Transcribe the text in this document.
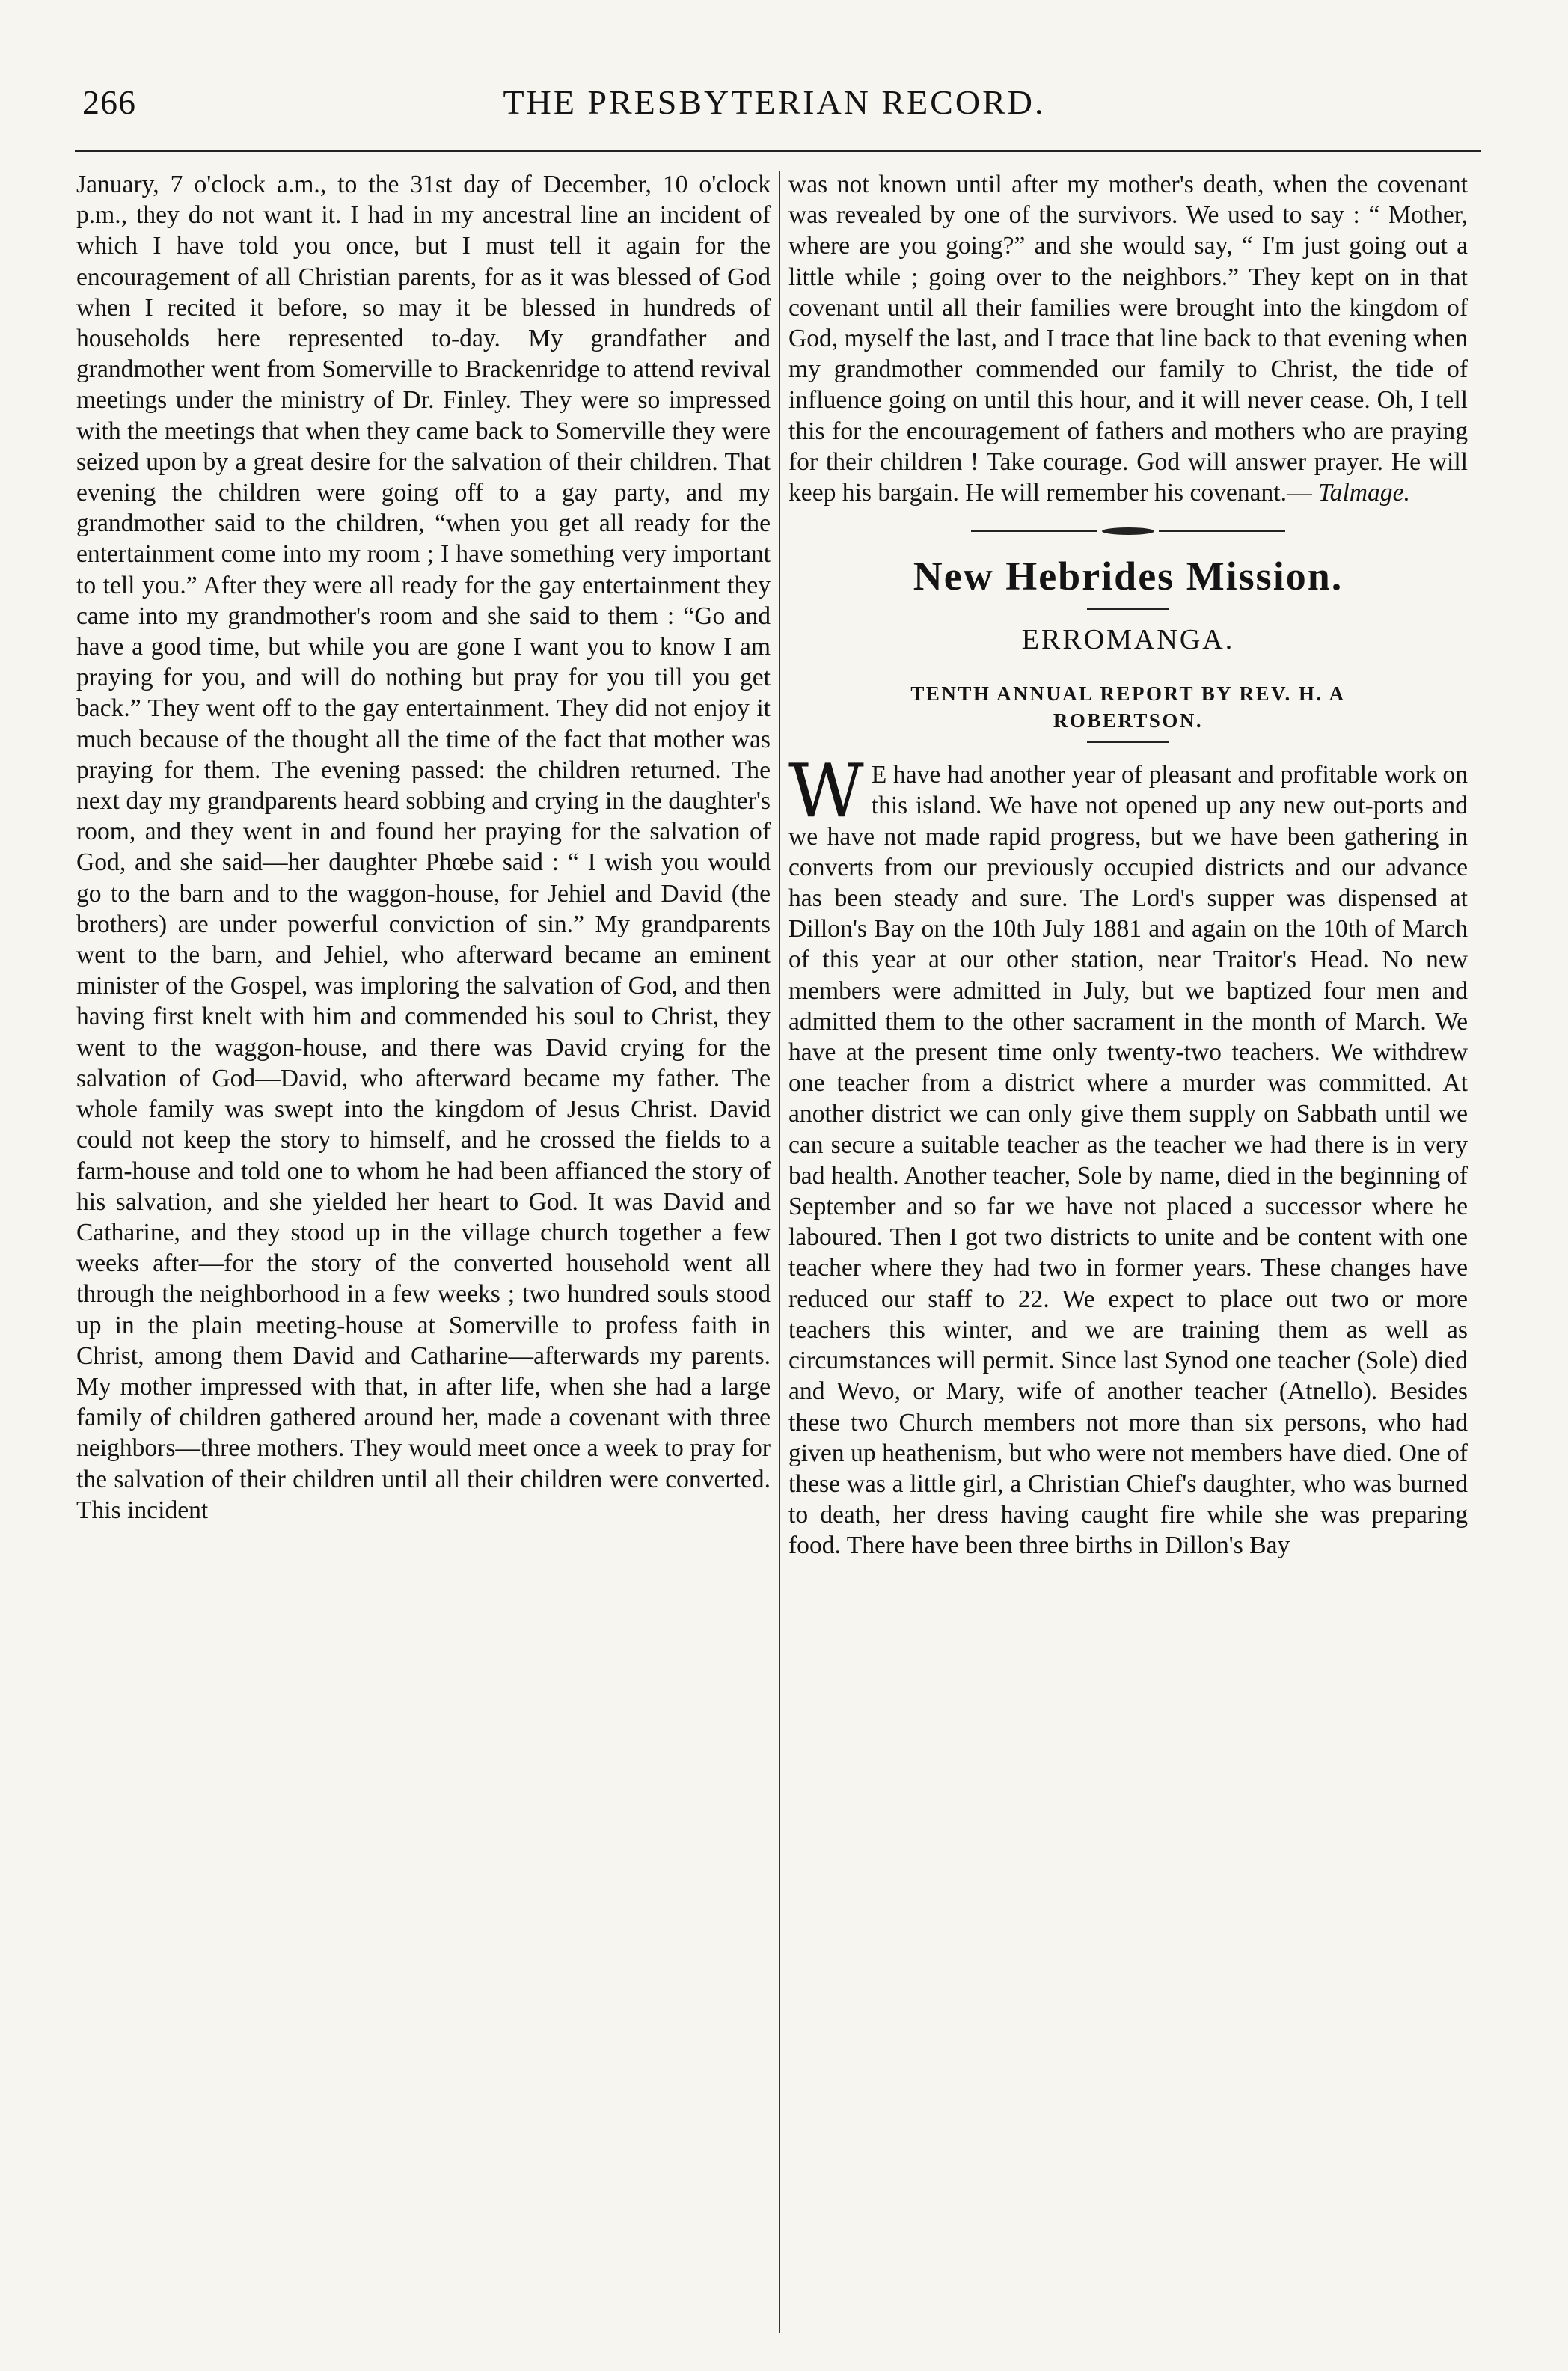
266	THE PRESBYTERIAN RECORD.

January, 7 o'clock a.m., to the 31st day of December, 10 o'clock p.m., they do not want it. I had in my ancestral line an incident of which I have told you once, but I must tell it again for the encouragement of all Christian parents, for as it was blessed of God when I recited it before, so may it be blessed in hundreds of households here represented to-day. My grandfather and grandmother went from Somerville to Brackenridge to attend revival meetings under the ministry of Dr. Finley. They were so impressed with the meetings that when they came back to Somerville they were seized upon by a great desire for the salvation of their children. That evening the children were going off to a gay party, and my grandmother said to the children, “when you get all ready for the entertainment come into my room ; I have something very important to tell you.” After they were all ready for the gay entertainment they came into my grandmother's room and she said to them : “Go and have a good time, but while you are gone I want you to know I am praying for you, and will do nothing but pray for you till you get back.” They went off to the gay entertainment. They did not enjoy it much because of the thought all the time of the fact that mother was praying for them. The evening passed: the children returned. The next day my grandparents heard sobbing and crying in the daughter's room, and they went in and found her praying for the salvation of God, and she said—her daughter Phœbe said : “ I wish you would go to the barn and to the waggon-house, for Jehiel and David (the brothers) are under powerful conviction of sin.” My grandparents went to the barn, and Jehiel, who afterward became an eminent minister of the Gospel, was imploring the salvation of God, and then having first knelt with him and commended his soul to Christ, they went to the waggon-house, and there was David crying for the salvation of God—David, who afterward became my father. The whole family was swept into the kingdom of Jesus Christ. David could not keep the story to himself, and he crossed the fields to a farm-house and told one to whom he had been affianced the story of his salvation, and she yielded her heart to God. It was David and Catharine, and they stood up in the village church together a few weeks after—for the story of the converted household went all through the neighborhood in a few weeks ; two hundred souls stood up in the plain meeting-house at Somerville to profess faith in Christ, among them David and Catharine—afterwards my parents. My mother impressed with that, in after life, when she had a large family of children gathered around her, made a covenant with three neighbors—three mothers. They would meet once a week to pray for the salvation of their children until all their children were converted. This incident

was not known until after my mother's death, when the covenant was revealed by one of the survivors. We used to say : “ Mother, where are you going?” and she would say, “ I'm just going out a little while ; going over to the neighbors.” They kept on in that covenant until all their families were brought into the kingdom of God, myself the last, and I trace that line back to that evening when my grandmother commended our family to Christ, the tide of influence going on until this hour, and it will never cease. Oh, I tell this for the encouragement of fathers and mothers who are praying for their children ! Take courage. God will answer prayer. He will keep his bargain. He will remember his covenant.— Talmage.

New Hebrides Mission.
ERROMANGA.
TENTH ANNUAL REPORT BY REV. H. A
ROBERTSON.

W E have had another year of pleasant and profitable work on this island. We have not opened up any new out-ports and we have not made rapid progress, but we have been gathering in converts from our previously occupied districts and our advance has been steady and sure. The Lord's supper was dispensed at Dillon's Bay on the 10th July 1881 and again on the 10th of March of this year at our other station, near Traitor's Head. No new members were admitted in July, but we baptized four men and admitted them to the other sacrament in the month of March. We have at the present time only twenty-two teachers. We withdrew one teacher from a district where a murder was committed. At another district we can only give them supply on Sabbath until we can secure a suitable teacher as the teacher we had there is in very bad health. Another teacher, Sole by name, died in the beginning of September and so far we have not placed a successor where he laboured. Then I got two districts to unite and be content with one teacher where they had two in former years. These changes have reduced our staff to 22. We expect to place out two or more teachers this winter, and we are training them as well as circumstances will permit. Since last Synod one teacher (Sole) died and Wevo, or Mary, wife of another teacher (Atnello). Besides these two Church members not more than six persons, who had given up heathenism, but who were not members have died. One of these was a little girl, a Christian Chief's daughter, who was burned to death, her dress having caught fire while she was preparing food. There have been three births in Dillon's Bay
